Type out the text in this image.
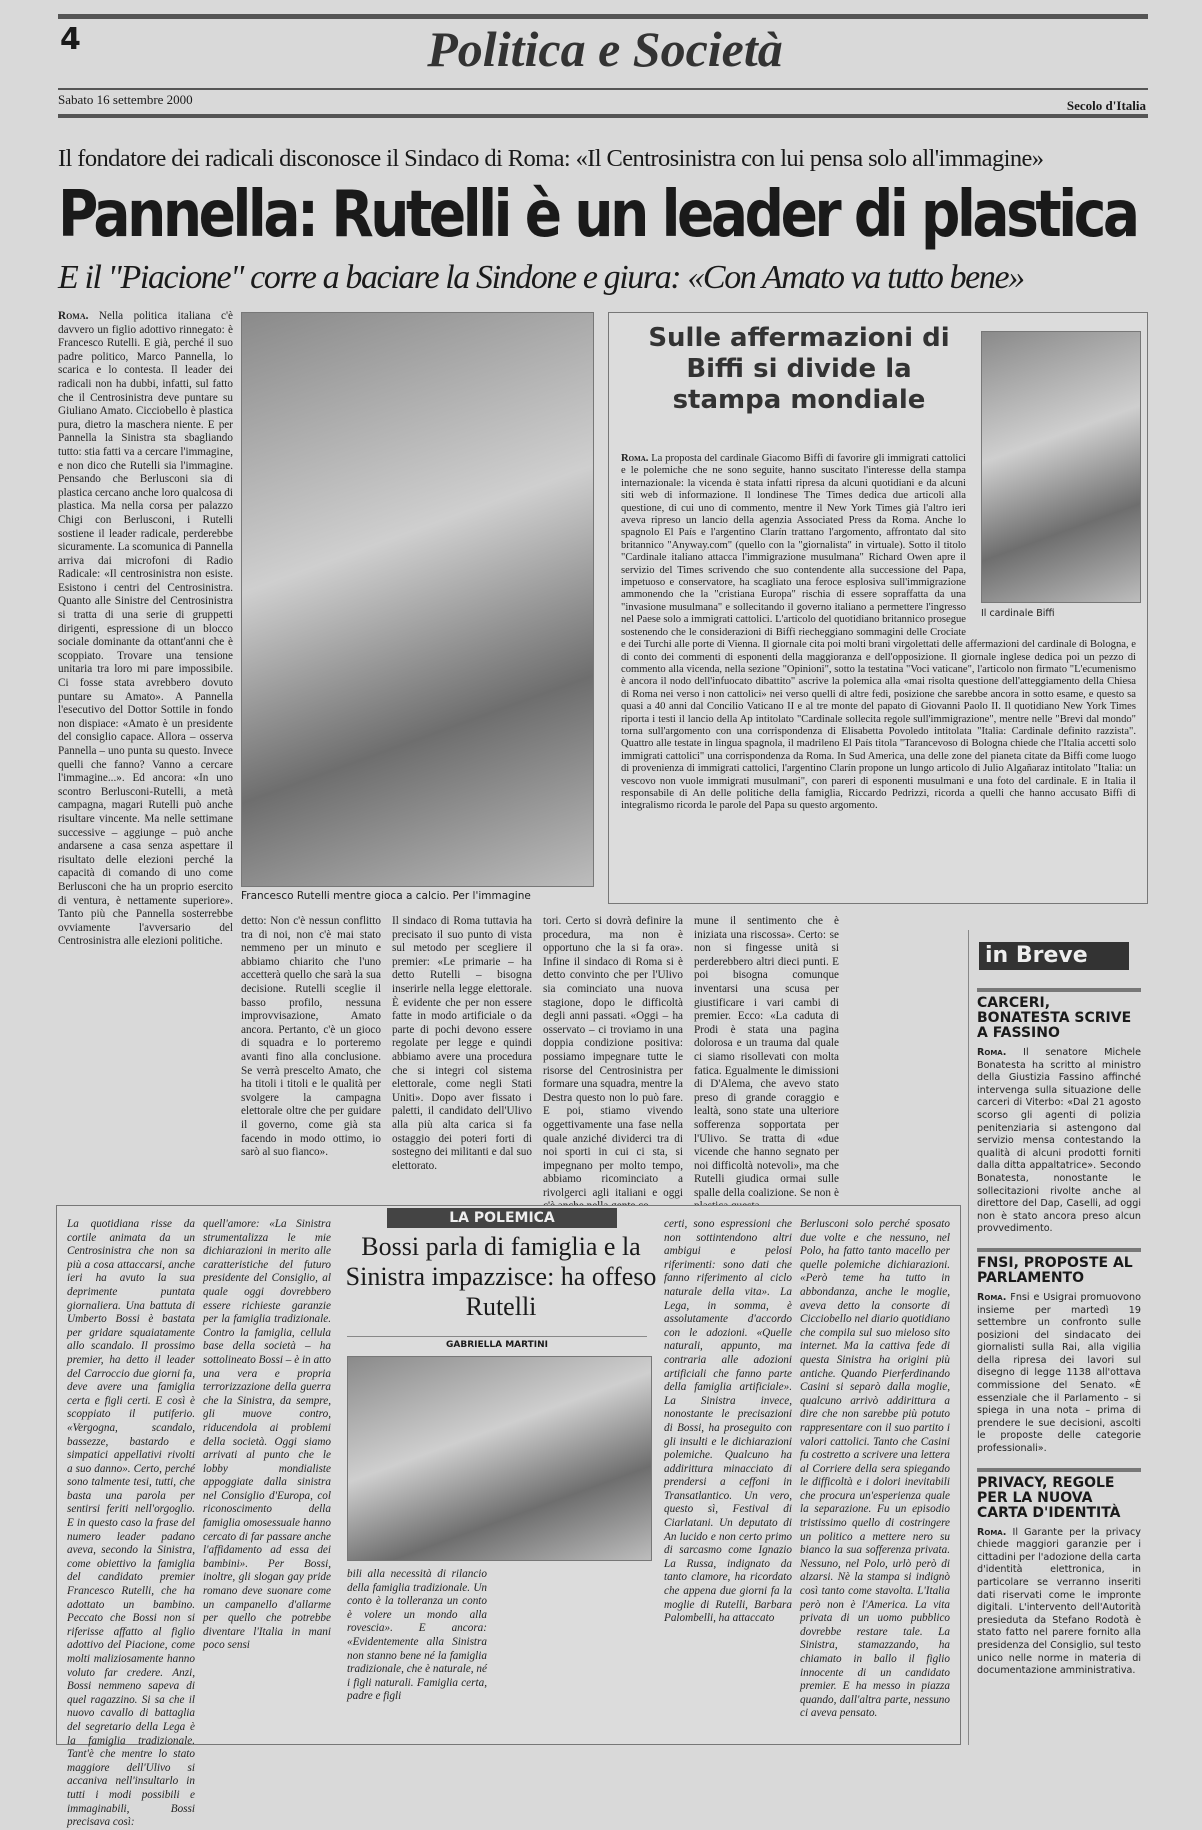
4	Politica e Società
Sabato 16 settembre 2000	Secolo d'Italia
Il fondatore dei radicali disconosce il Sindaco di Roma: «Il Centrosinistra con lui pensa solo all'immagine»
Pannella: Rutelli è un leader di plastica
E il "Piacione" corre a baciare la Sindone e giura: «Con Amato va tutto bene»
Roma. Nella politica italiana c'è davvero un figlio adottivo rinnegato: è Francesco Rutelli. E già, perché il suo padre politico, Marco Pannella, lo scarica e lo contesta. Il leader dei radicali non ha dubbi, infatti, sul fatto che il Centrosinistra deve puntare su Giuliano Amato. Cicciobello è plastica pura, dietro la maschera niente. E per Pannella la Sinistra sta sbagliando tutto: stia fatti va a cercare l'immagine, e non dico che Rutelli sia l'immagine. Pensando che Berlusconi sia di plastica cercano anche loro qualcosa di plastica. Ma nella corsa per palazzo Chigi con Berlusconi, i Rutelli sostiene il leader radicale, perderebbe sicuramente. La scomunica di Pannella arriva dai microfoni di Radio Radicale: «Il centrosinistra non esiste. Esistono i centri del Centrosinistra. Quanto alle Sinistre del Centrosinistra si tratta di una serie di gruppetti dirigenti, espressione di un blocco sociale dominante da ottant'anni che è scoppiato. Trovare una tensione unitaria tra loro mi pare impossibile. Ci fosse stata avrebbero dovuto puntare su Amato». A Pannella l'esecutivo del Dottor Sottile in fondo non dispiace: «Amato è un presidente del consiglio capace. Allora – osserva Pannella – uno punta su questo. Invece quelli che fanno? Vanno a cercare l'immagine...». Ed ancora: «In uno scontro Berlusconi-Rutelli, a metà campagna, magari Rutelli può anche risultare vincente. Ma nelle settimane successive – aggiunge – può anche andarsene a casa senza aspettare il risultato delle elezioni perché la capacità di comando di uno come Berlusconi che ha un proprio esercito di ventura, è nettamente superiore». Tanto più che Pannella sosterrebbe ovviamente l'avversario del Centrosinistra alle elezioni politiche.
Francesco Rutelli mentre gioca a calcio. Per l'immagine
Sulle affermazioni di Biffi si divide la stampa mondiale
Il cardinale Biffi
Roma. La proposta del cardinale Giacomo Biffi di favorire gli immigrati cattolici e le polemiche che ne sono seguite, hanno suscitato l'interesse della stampa internazionale: la vicenda è stata infatti ripresa da alcuni quotidiani e da alcuni siti web di informazione. Il londinese The Times dedica due articoli alla questione, di cui uno di commento, mentre il New York Times già l'altro ieri aveva ripreso un lancio della agenzia Associated Press da Roma. Anche lo spagnolo El País e l'argentino Clarín trattano l'argomento, affrontato dal sito britannico "Anyway.com" (quello con la "giornalista" in virtuale). Sotto il titolo "Cardinale italiano attacca l'immigrazione musulmana" Richard Owen apre il servizio del Times scrivendo che suo contendente alla successione del Papa, impetuoso e conservatore, ha scagliato una feroce esplosiva sull'immigrazione ammonendo che la "cristiana Europa" rischia di essere sopraffatta da una "invasione musulmana" e sollecitando il governo italiano a permettere l'ingresso nel Paese solo a immigrati cattolici. L'articolo del quotidiano britannico prosegue sostenendo che le considerazioni di Biffi riecheggiano sommagini delle Crociate e dei Turchi alle porte di Vienna. Il giornale cita poi molti brani virgolettati delle affermazioni del cardinale di Bologna, e di conto dei commenti di esponenti della maggioranza e dell'opposizione. Il giornale inglese dedica poi un pezzo di commento alla vicenda, nella sezione "Opinioni", sotto la testatina "Voci vaticane", l'articolo non firmato "L'ecumenismo è ancora il nodo dell'infuocato dibattito" ascrive la polemica alla «mai risolta questione dell'atteggiamento della Chiesa di Roma nei verso i non cattolici» nei verso quelli di altre fedi, posizione che sarebbe ancora in sotto esame, e questo sa quasi a 40 anni dal Concilio Vaticano II e al tre monte del papato di Giovanni Paolo II. Il quotidiano New York Times riporta i testi il lancio della Ap intitolato "Cardinale sollecita regole sull'immigrazione", mentre nelle "Brevi dal mondo" torna sull'argomento con una corrispondenza di Elisabetta Povoledo intitolata "Italia: Cardinale definito razzista". Quattro alle testate in lingua spagnola, il madrileno El País titola "Tarancevoso di Bologna chiede che l'Italia accetti solo immigrati cattolici" una corrispondenza da Roma. In Sud America, una delle zone del pianeta citate da Biffi come luogo di provenienza di immigrati cattolici, l'argentino Clarín propone un lungo articolo di Julio Algañaraz intitolato "Italia: un vescovo non vuole immigrati musulmani", con pareri di esponenti musulmani e una foto del cardinale. E in Italia il responsabile di An delle politiche della famiglia, Riccardo Pedrizzi, ricorda a quelli che hanno accusato Biffi di integralismo ricorda le parole del Papa su questo argomento.
detto: Non c'è nessun conflitto tra di noi, non c'è mai stato nemmeno per un minuto e abbiamo chiarito che l'uno accetterà quello che sarà la sua decisione. Rutelli sceglie il basso profilo, nessuna improvvisazione, Amato ancora. Pertanto, c'è un gioco di squadra e lo porteremo avanti fino alla conclusione. Se verrà prescelto Amato, che ha titoli i titoli e le qualità per svolgere la campagna elettorale oltre che per guidare il governo, come già sta facendo in modo ottimo, io sarò al suo fianco».
Il sindaco di Roma tuttavia ha precisato il suo punto di vista sul metodo per scegliere il premier: «Le primarie – ha detto Rutelli – bisogna inserirle nella legge elettorale. È evidente che per non essere fatte in modo artificiale o da parte di pochi devono essere regolate per legge e quindi abbiamo avere una procedura che si integri col sistema elettorale, come negli Stati Uniti». Dopo aver fissato i paletti, il candidato dell'Ulivo alla più alta carica si fa ostaggio dei poteri forti di sostegno dei militanti e dal suo elettorato.
tori. Certo si dovrà definire la procedura, ma non è opportuno che la si fa ora». Infine il sindaco di Roma si è detto convinto che per l'Ulivo sia cominciato una nuova stagione, dopo le difficoltà degli anni passati. «Oggi – ha osservato – ci troviamo in una doppia condizione positiva: possiamo impegnare tutte le risorse del Centrosinistra per formare una squadra, mentre la Destra questo non lo può fare. E poi, stiamo vivendo oggettivamente una fase nella quale anziché dividerci tra di noi sporti in cui ci sta, si impegnano per molto tempo, abbiamo ricominciato a rivolgerci agli italiani e oggi
mune il sentimento che è iniziata una riscossa». Certo: se non si fingesse unità si perderebbero altri dieci punti. E poi bisogna comunque inventarsi una scusa per giustificare i vari cambi di premier. Ecco: «La caduta di Prodi è stata una pagina dolorosa e un trauma dal quale ci siamo risollevati con molta fatica. Egualmente le dimissioni di D'Alema, che avevo stato preso di grande coraggio e lealtà, sono state una ulteriore sofferenza sopportata per l'Ulivo. Se tratta di «due vicende che hanno segnato per noi difficoltà notevoli», ma che Rutelli giudica ormai sulle spalle della coalizione. Se non è
in Breve
CARCERI, BONATESTA SCRIVE A FASSINO
Roma. Il senatore Michele Bonatesta ha scritto al ministro della Giustizia Fassino affinché intervenga sulla situazione delle carceri di Viterbo: «Dal 21 agosto scorso gli agenti di polizia penitenziaria si astengono dal servizio mensa contestando la qualità di alcuni prodotti forniti dalla ditta appaltatrice». Secondo Bonatesta, nonostante le sollecitazioni rivolte anche al direttore del Dap, Caselli, ad oggi non è stato ancora preso alcun provvedimento.
FNSI, PROPOSTE AL PARLAMENTO
Roma. Fnsi e Usigrai promuovono insieme per martedì 19 settembre un confronto sulle posizioni del sindacato dei giornalisti sulla Rai, alla vigilia della ripresa dei lavori sul disegno di legge 1138 all'ottava commissione del Senato. «È essenziale che il Parlamento – si spiega in una nota – prima di prendere le sue decisioni, ascolti le proposte delle categorie professionali».
PRIVACY, REGOLE PER LA NUOVA CARTA D'IDENTITÀ
Roma. Il Garante per la privacy chiede maggiori garanzie per i cittadini per l'adozione della carta d'identità elettronica, in particolare se verranno inseriti dati riservati come le impronte digitali. L'intervento dell'Autorità presieduta da Stefano Rodotà è stato fatto nel parere fornito alla presidenza del Consiglio, sul testo unico nelle norme in materia di documentazione amministrativa.
La quotidiana risse da cortile animata da un Centrosinistra che non sa più a cosa attaccarsi, anche ieri ha avuto la sua deprimente puntata giornaliera. Una battuta di Umberto Bossi è bastata per gridare squaiatamente allo scandalo. Il prossimo premier, ha detto il leader del Carroccio due giorni fa, deve avere una famiglia certa e figli certi. E così è scoppiato il putiferio. «Vergogna, scandalo, bassezze, bastardo e simpatici appellativi rivolti a suo danno». Certo, perché sono talmente tesi, tutti, che basta una parola per sentirsi feriti nell'orgoglio. E in questo caso la frase del numero leader padano aveva, secondo la Sinistra, come obiettivo la famiglia del candidato premier Francesco Rutelli, che ha adottato un bambino. Peccato che Bossi non si riferisse affatto al figlio adottivo del Piacione, come molti maliziosamente hanno voluto far credere. Anzi, Bossi nemmeno sapeva di quel ragazzino. Si sa che il nuovo cavallo di battaglia del segretario della Lega è la famiglia tradizionale. Tant'è che mentre lo stato maggiore dell'Ulivo si accaniva nell'insultarlo in tutti i modi possibili e immaginabili, Bossi precisava così:
quell'amore: «La Sinistra strumentalizza le mie dichiarazioni in merito alle caratteristiche del futuro presidente del Consiglio, al quale oggi dovrebbero essere richieste garanzie per la famiglia tradizionale. Contro la famiglia, cellula base della società – ha sottolineato Bossi – è in atto una vera e propria terrorizzazione della guerra che la Sinistra, da sempre, gli muove contro, riducendola ai problemi della società. Oggi siamo arrivati al punto che le lobby mondialiste appoggiate dalla sinistra nel Consiglio d'Europa, col riconoscimento della famiglia omosessuale hanno cercato di far passare anche l'affidamento ad essa dei bambini». Per Bossi, inoltre, gli slogan gay pride romano deve suonare come un campanello d'allarme per quello che potrebbe diventare l'Italia in mani poco sensi
LA POLEMICA
Bossi parla di famiglia e la Sinistra impazzisce: ha offeso Rutelli
GABRIELLA MARTINI
bili alla necessità di rilancio della famiglia tradizionale. Un conto è la tolleranza un conto è volere un mondo alla rovescia». E ancora: «Evidentemente alla Sinistra non stanno bene né la famiglia tradizionale, che è naturale, né i figli naturali. Famiglia certa, padre e figli
certi, sono espressioni che non sottintendono altri ambigui e pelosi riferimenti: sono dati che fanno riferimento al ciclo naturale della vita». La Lega, in somma, è assolutamente d'accordo con le adozioni. «Quelle naturali, appunto, ma contraria alle adozioni artificiali che fanno parte della famiglia artificiale». La Sinistra invece, nonostante le precisazioni di Bossi, ha proseguito con gli insulti e le dichiarazioni polemiche. Qualcuno ha addirittura minacciato di prendersi a ceffoni in Transatlantico. Un vero, questo sì, Festival di Ciarlatani. Un deputato di An lucido e non certo primo di sarcasmo come Ignazio La Russa, indignato da tanto clamore, ha ricordato che appena due giorni fa la moglie di Rutelli, Barbara Palombelli, ha attaccato
Berlusconi solo perché sposato due volte e che nessuno, nel Polo, ha fatto tanto macello per quelle polemiche dichiarazioni. «Però teme ha tutto in abbondanza, anche le moglie, aveva detto la consorte di Cicciobello nel diario quotidiano che compila sul suo mieloso sito internet. Ma la cattiva fede di questa Sinistra ha origini più antiche. Quando Pierferdinando Casini si separò dalla moglie, qualcuno arrivò addirittura a dire che non sarebbe più potuto rappresentare con il suo partito i valori cattolici. Tanto che Casini fu costretto a scrivere una lettera al Corriere della sera spiegando le difficoltà e i dolori inevitabili che procura un'esperienza quale la separazione. Fu un episodio tristissimo quello di costringere un politico a mettere nero su bianco la sua sofferenza privata. Nessuno, nel Polo, urlò però di alzarsi. Nè la stampa si indignò così tanto come stavolta. L'Italia però non è l'America. La vita privata di un uomo pubblico dovrebbe restare tale. La Sinistra, stamazzando, ha chiamato in ballo il figlio innocente di un candidato premier. E ha messo in piazza quando, dall'altra parte, nessuno ci aveva pensato.
